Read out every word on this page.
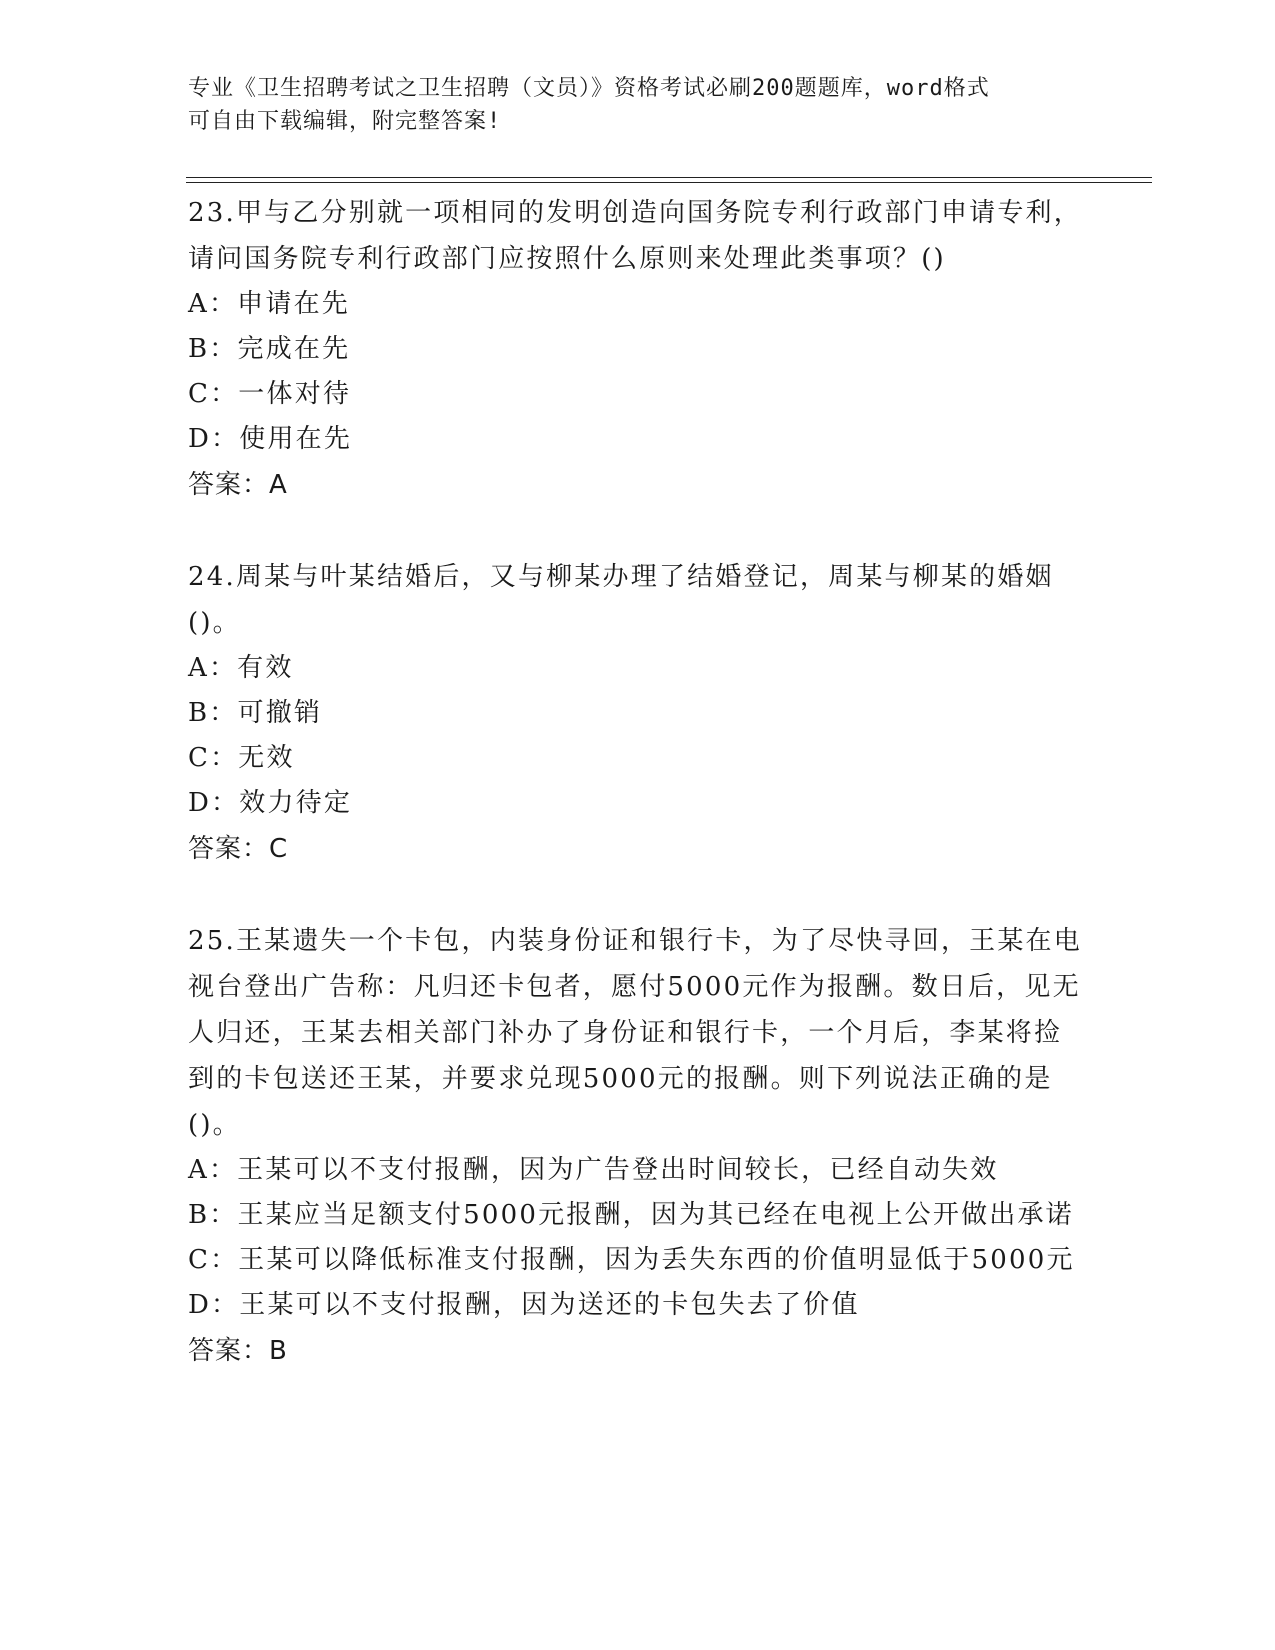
专业《卫生招聘考试之卫生招聘（文员）》资格考试必刷200题题库，word格式
可自由下载编辑，附完整答案!
23.甲与乙分别就一项相同的发明创造向国务院专利行政部门申请专利，请问国务院专利行政部门应按照什么原则来处理此类事项？()
A：申请在先
B：完成在先
C：一体对待
D：使用在先
答案：A
24.周某与叶某结婚后，又与柳某办理了结婚登记，周某与柳某的婚姻()。
A：有效
B：可撤销
C：无效
D：效力待定
答案：C
25.王某遗失一个卡包，内装身份证和银行卡，为了尽快寻回，王某在电视台登出广告称：凡归还卡包者，愿付5000元作为报酬。数日后，见无人归还，王某去相关部门补办了身份证和银行卡，一个月后，李某将捡到的卡包送还王某，并要求兑现5000元的报酬。则下列说法正确的是()。
A：王某可以不支付报酬，因为广告登出时间较长，已经自动失效
B：王某应当足额支付5000元报酬，因为其已经在电视上公开做出承诺
C：王某可以降低标准支付报酬，因为丢失东西的价值明显低于5000元
D：王某可以不支付报酬，因为送还的卡包失去了价值
答案：B
